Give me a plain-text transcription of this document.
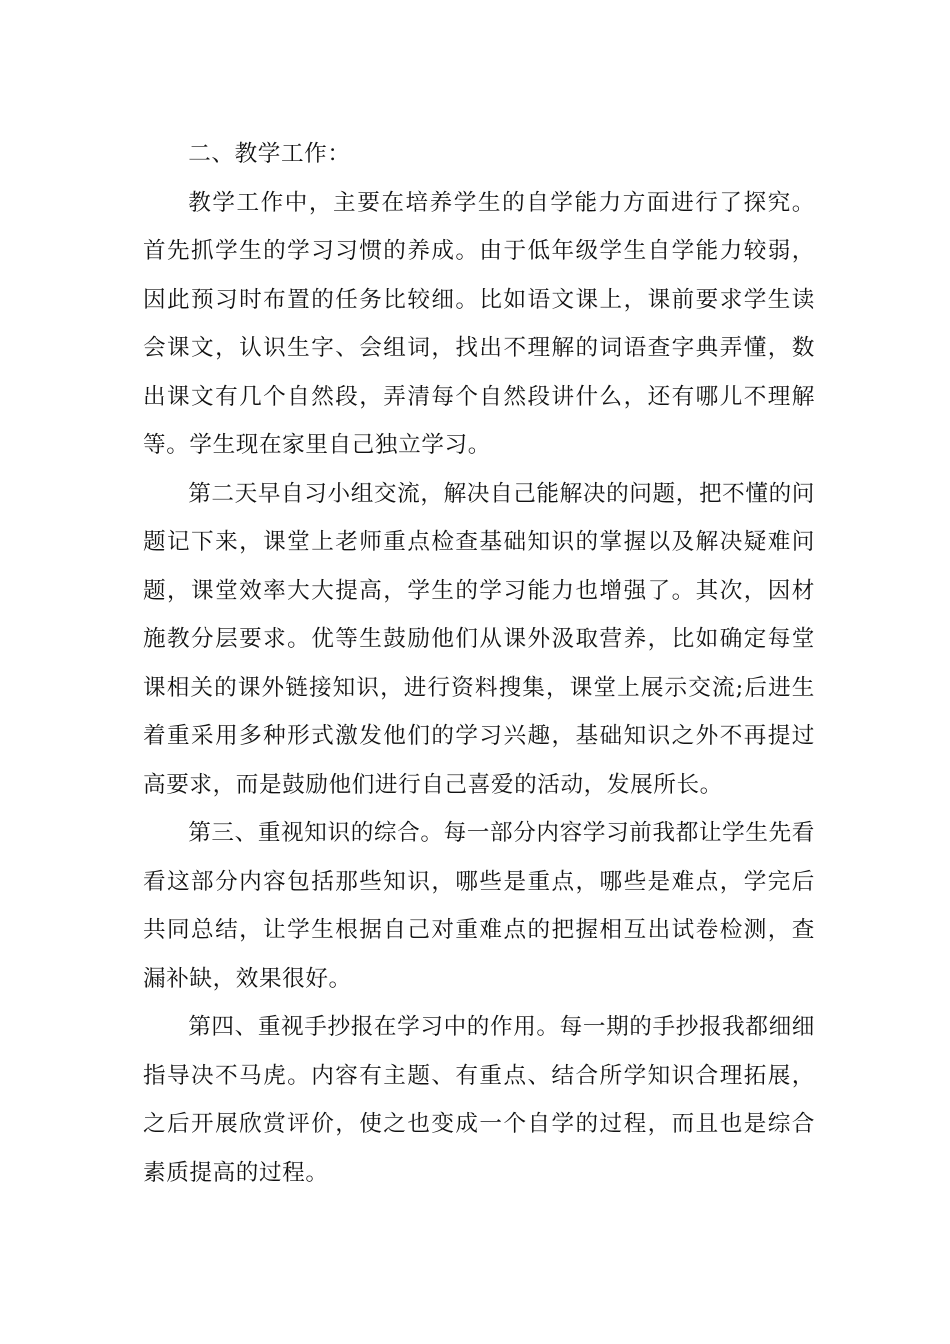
二、教学工作：

教学工作中，主要在培养学生的自学能力方面进行了探究。 首先抓学生的学习习惯的养成。由于低年级学生自学能力较弱，因此预习时布置的任务比较细。比如语文课上，课前要求学生读会课文，认识生字、会组词，找出不理解的词语查字典弄懂，数出课文有几个自然段，弄清每个自然段讲什么，还有哪儿不理解等。学生现在家里自己独立学习。

第二天早自习小组交流，解决自己能解决的问题，把不懂的问题记下来，课堂上老师重点检查基础知识的掌握以及解决疑难问题，课堂效率大大提高，学生的学习能力也增强了。其次，因材施教分层要求。优等生鼓励他们从课外汲取营养，比如确定每堂课相关的课外链接知识，进行资料搜集，课堂上展示交流;后进生着重采用多种形式激发他们的学习兴趣，基础知识之外不再提过高要求，而是鼓励他们进行自己喜爱的活动，发展所长。

第三、重视知识的综合。每一部分内容学习前我都让学生先看看这部分内容包括那些知识，哪些是重点，哪些是难点，学完后共同总结，让学生根据自己对重难点的把握相互出试卷检测，查漏补缺，效果很好。

第四、重视手抄报在学习中的作用。每一期的手抄报我都细细指导决不马虎。内容有主题、有重点、结合所学知识合理拓展，之后开展欣赏评价，使之也变成一个自学的过程，而且也是综合素质提高的过程。
